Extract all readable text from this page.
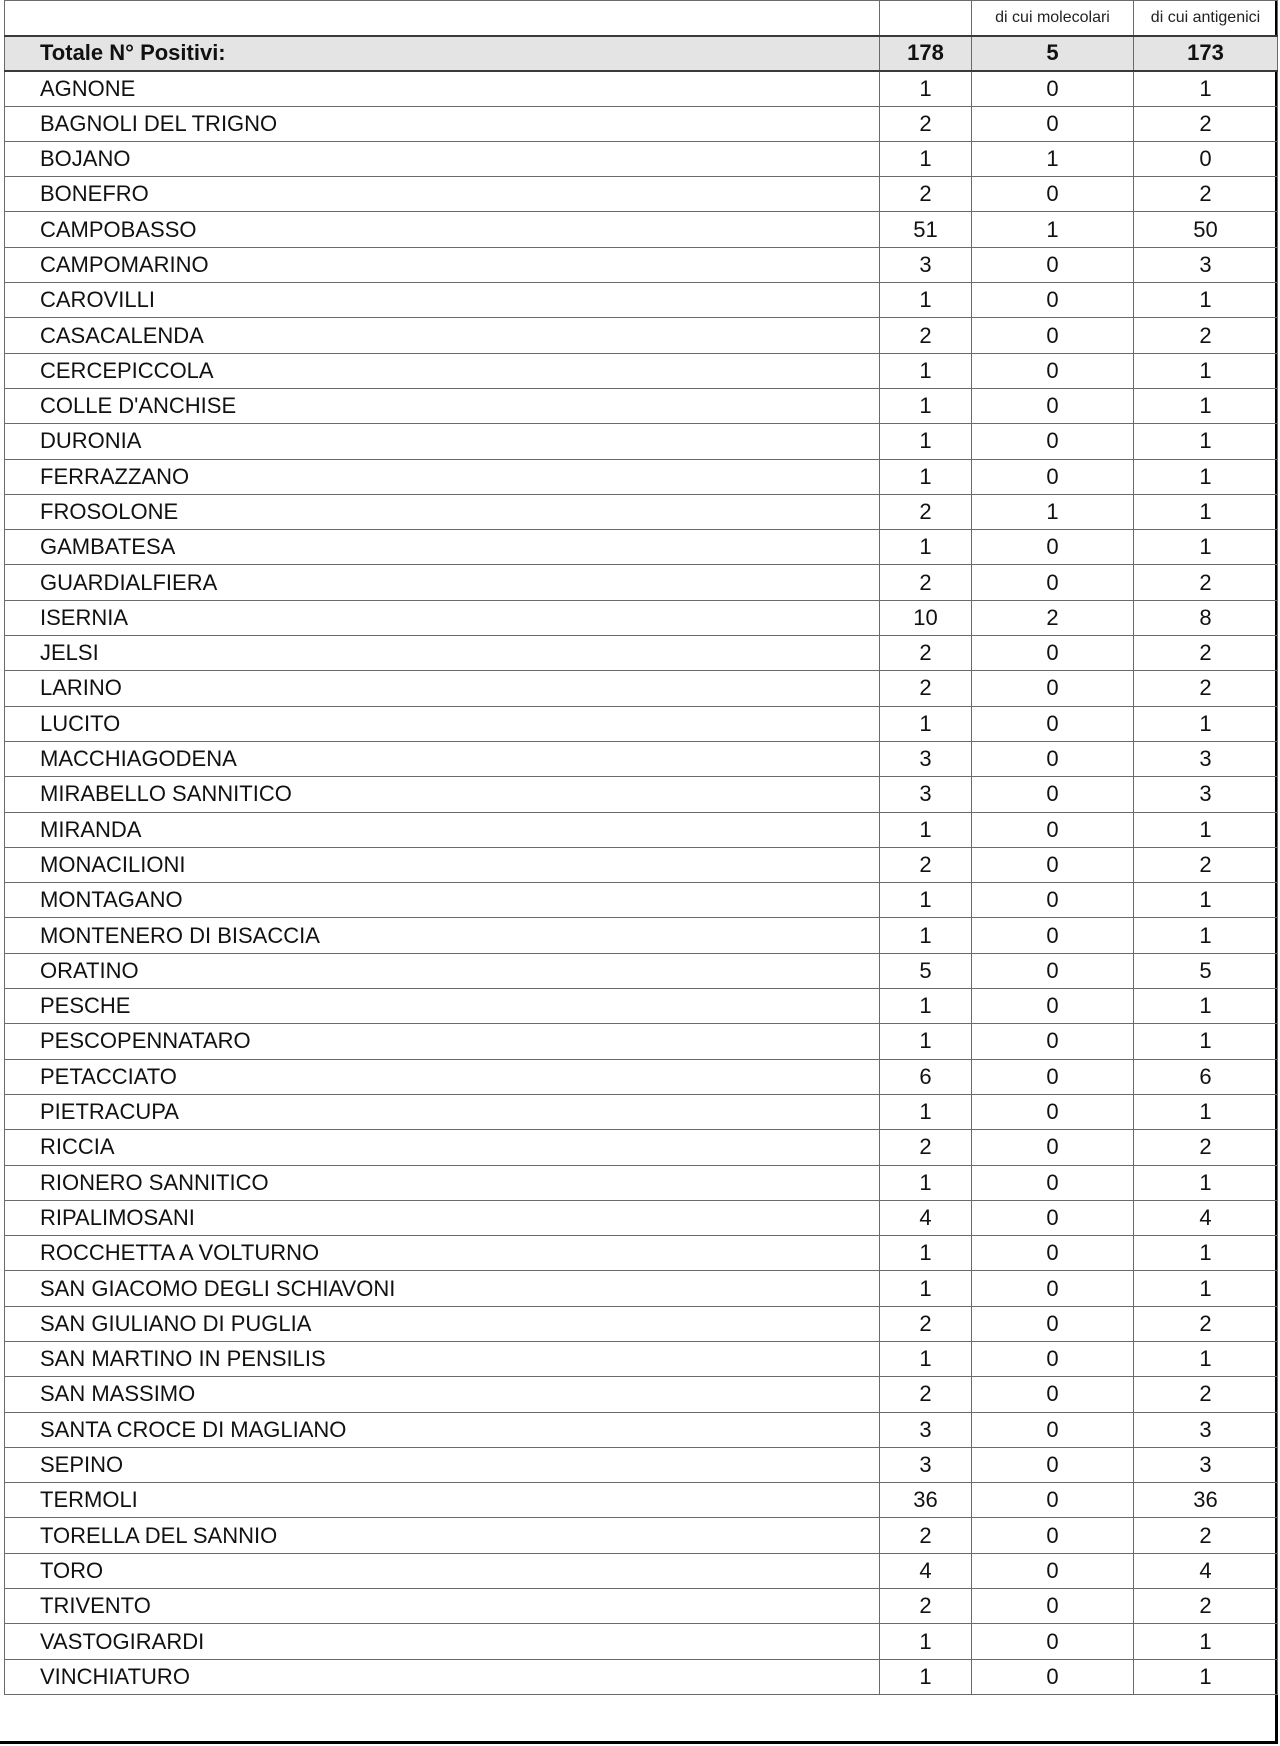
		di cui molecolari	di cui antigenici
Totale N° Positivi:	178	5	173
AGNONE	1	0	1
BAGNOLI DEL TRIGNO	2	0	2
BOJANO	1	1	0
BONEFRO	2	0	2
CAMPOBASSO	51	1	50
CAMPOMARINO	3	0	3
CAROVILLI	1	0	1
CASACALENDA	2	0	2
CERCEPICCOLA	1	0	1
COLLE D'ANCHISE	1	0	1
DURONIA	1	0	1
FERRAZZANO	1	0	1
FROSOLONE	2	1	1
GAMBATESA	1	0	1
GUARDIALFIERA	2	0	2
ISERNIA	10	2	8
JELSI	2	0	2
LARINO	2	0	2
LUCITO	1	0	1
MACCHIAGODENA	3	0	3
MIRABELLO SANNITICO	3	0	3
MIRANDA	1	0	1
MONACILIONI	2	0	2
MONTAGANO	1	0	1
MONTENERO DI BISACCIA	1	0	1
ORATINO	5	0	5
PESCHE	1	0	1
PESCOPENNATARO	1	0	1
PETACCIATO	6	0	6
PIETRACUPA	1	0	1
RICCIA	2	0	2
RIONERO SANNITICO	1	0	1
RIPALIMOSANI	4	0	4
ROCCHETTA A VOLTURNO	1	0	1
SAN GIACOMO DEGLI SCHIAVONI	1	0	1
SAN GIULIANO DI PUGLIA	2	0	2
SAN MARTINO IN PENSILIS	1	0	1
SAN MASSIMO	2	0	2
SANTA CROCE DI MAGLIANO	3	0	3
SEPINO	3	0	3
TERMOLI	36	0	36
TORELLA DEL SANNIO	2	0	2
TORO	4	0	4
TRIVENTO	2	0	2
VASTOGIRARDI	1	0	1
VINCHIATURO	1	0	1
